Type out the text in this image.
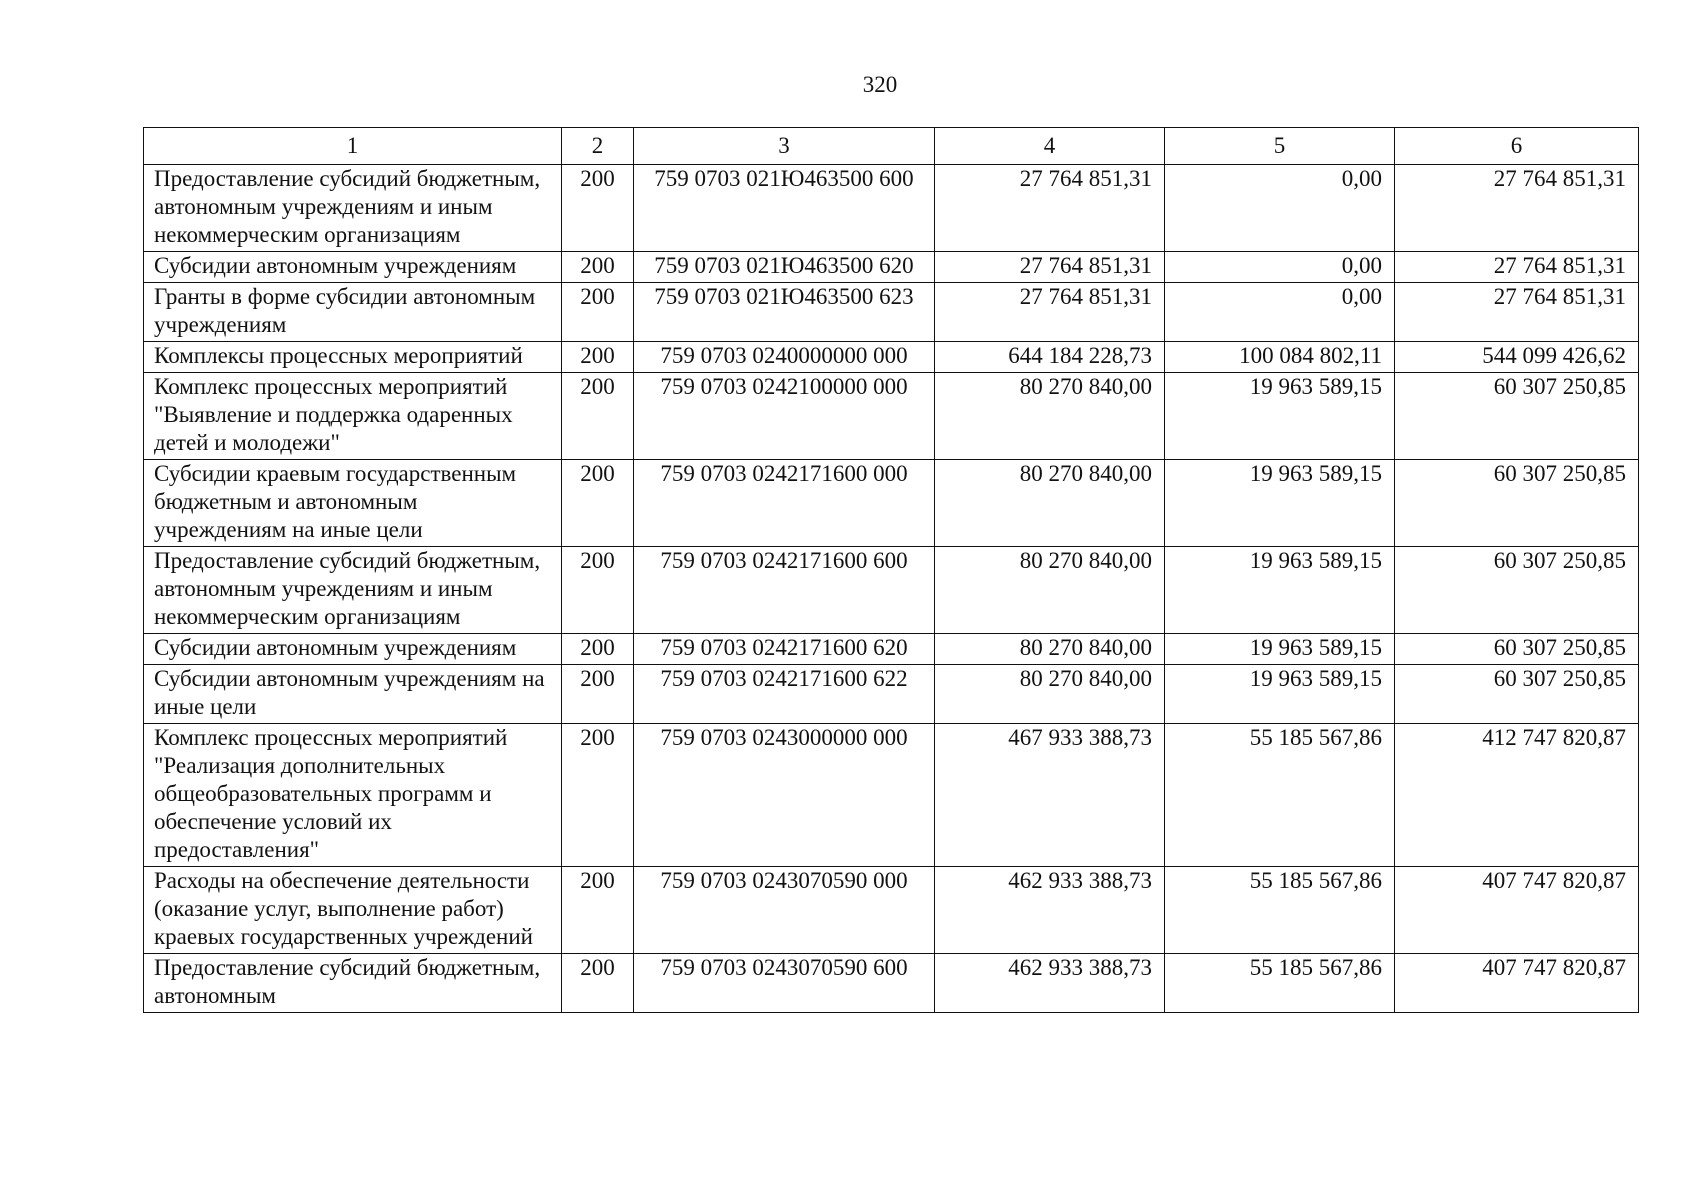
320
1	2	3	4	5	6
Предоставление субсидий бюджетным, автономным учреждениям и иным некоммерческим организациям	200	759 0703 021Ю463500 600	27 764 851,31	0,00	27 764 851,31
Субсидии автономным учреждениям	200	759 0703 021Ю463500 620	27 764 851,31	0,00	27 764 851,31
Гранты в форме субсидии автономным учреждениям	200	759 0703 021Ю463500 623	27 764 851,31	0,00	27 764 851,31
Комплексы процессных мероприятий	200	759 0703 0240000000 000	644 184 228,73	100 084 802,11	544 099 426,62
Комплекс процессных мероприятий "Выявление и поддержка одаренных детей и молодежи"	200	759 0703 0242100000 000	80 270 840,00	19 963 589,15	60 307 250,85
Субсидии краевым государственным бюджетным и автономным учреждениям на иные цели	200	759 0703 0242171600 000	80 270 840,00	19 963 589,15	60 307 250,85
Предоставление субсидий бюджетным, автономным учреждениям и иным некоммерческим организациям	200	759 0703 0242171600 600	80 270 840,00	19 963 589,15	60 307 250,85
Субсидии автономным учреждениям	200	759 0703 0242171600 620	80 270 840,00	19 963 589,15	60 307 250,85
Субсидии автономным учреждениям на иные цели	200	759 0703 0242171600 622	80 270 840,00	19 963 589,15	60 307 250,85
Комплекс процессных мероприятий "Реализация дополнительных общеобразовательных программ и обеспечение условий их предоставления"	200	759 0703 0243000000 000	467 933 388,73	55 185 567,86	412 747 820,87
Расходы на обеспечение деятельности (оказание услуг, выполнение работ) краевых государственных учреждений	200	759 0703 0243070590 000	462 933 388,73	55 185 567,86	407 747 820,87
Предоставление субсидий бюджетным, автономным	200	759 0703 0243070590 600	462 933 388,73	55 185 567,86	407 747 820,87
